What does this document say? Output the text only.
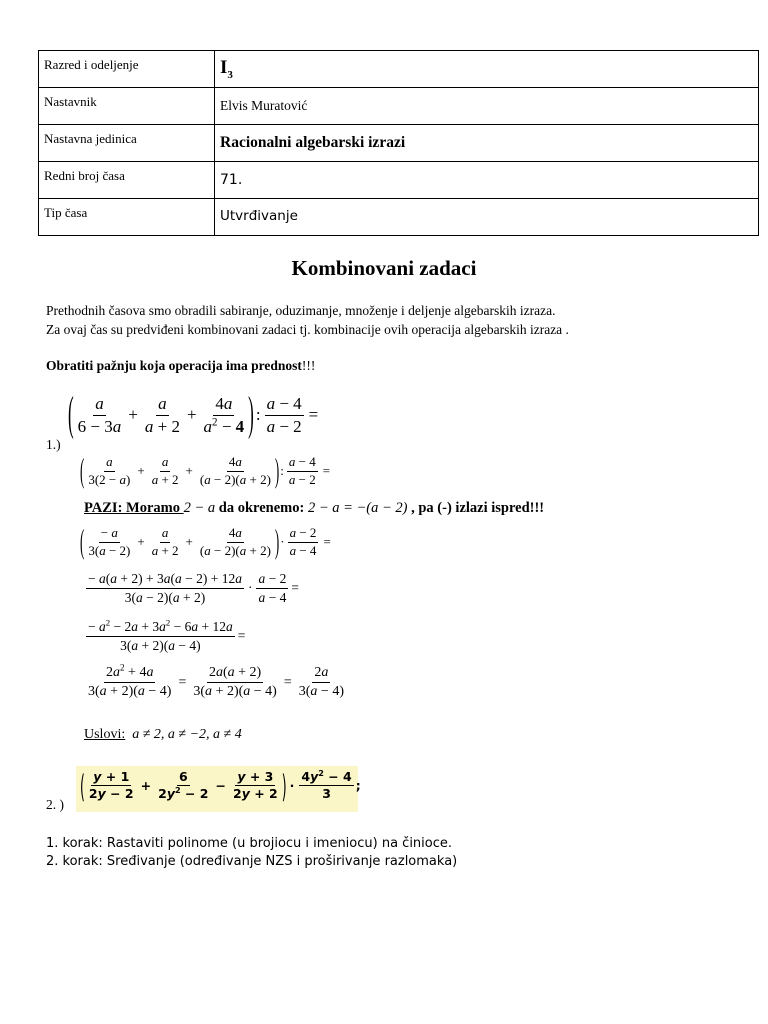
Razred i odeljenje	$I_3$
Nastavnik	Elvis Muratović
Nastavna jedinica	Racionalni algebarski izrazi
Redni broj časa	71.
Tip časa	Utvrđivanje
Kombinovani zadaci
Prethodnih časova smo obradili sabiranje, oduzimanje, množenje i deljenje algebarskih izraza.
Za ovaj čas su predviđeni kombinovani zadaci tj. kombinacije ovih operacija algebarskih izraza .
Obratiti pažnju koja operacija ima prednost!!!
1.)
( $\frac{a}{6 - 3a} + \frac{a}{a + 2} + \frac{4a}{a^2 - 4}$ ) : $\frac{a - 4}{a - 2}$ =
( $\frac{a}{3(2 - a)} + \frac{a}{a + 2} + \frac{4a}{(a - 2)(a + 2)}$ ) : $\frac{a - 4}{a - 2}$ =
PAZI: Moramo 2 − a da okrenemo: 2 − a = −(a − 2) , pa (-) izlazi ispred!!!
( $\frac{- a}{3(a - 2)} + \frac{a}{a + 2} + \frac{4a}{(a - 2)(a + 2)}$ ) · $\frac{a - 2}{a - 4}$ =
$\frac{- a(a + 2) + 3a(a - 2) + 12a}{3(a - 2)(a + 2)} \cdot \frac{a - 2}{a - 4}$ =
$\frac{- a^2 - 2a + 3a^2 - 6a + 12a}{3(a + 2)(a - 4)}$ =
$\frac{2a^2 + 4a}{3(a + 2)(a - 4)} = \frac{2a(a + 2)}{3(a + 2)(a - 4)} = \frac{2a}{3(a - 4)}$
Uslovi: a ≠ 2, a ≠ −2, a ≠ 4
2. ) ( $\frac{y + 1}{2y - 2} + \frac{6}{2y^2 - 2} - \frac{y + 3}{2y + 2}$ ) · $\frac{4y^2 - 4}{3}$ ;
1. korak: Rastaviti polinome (u brojiocu i imeniocu) na činioce.
2. korak: Sređivanje (određivanje NZS i proširivanje razlomaka)
